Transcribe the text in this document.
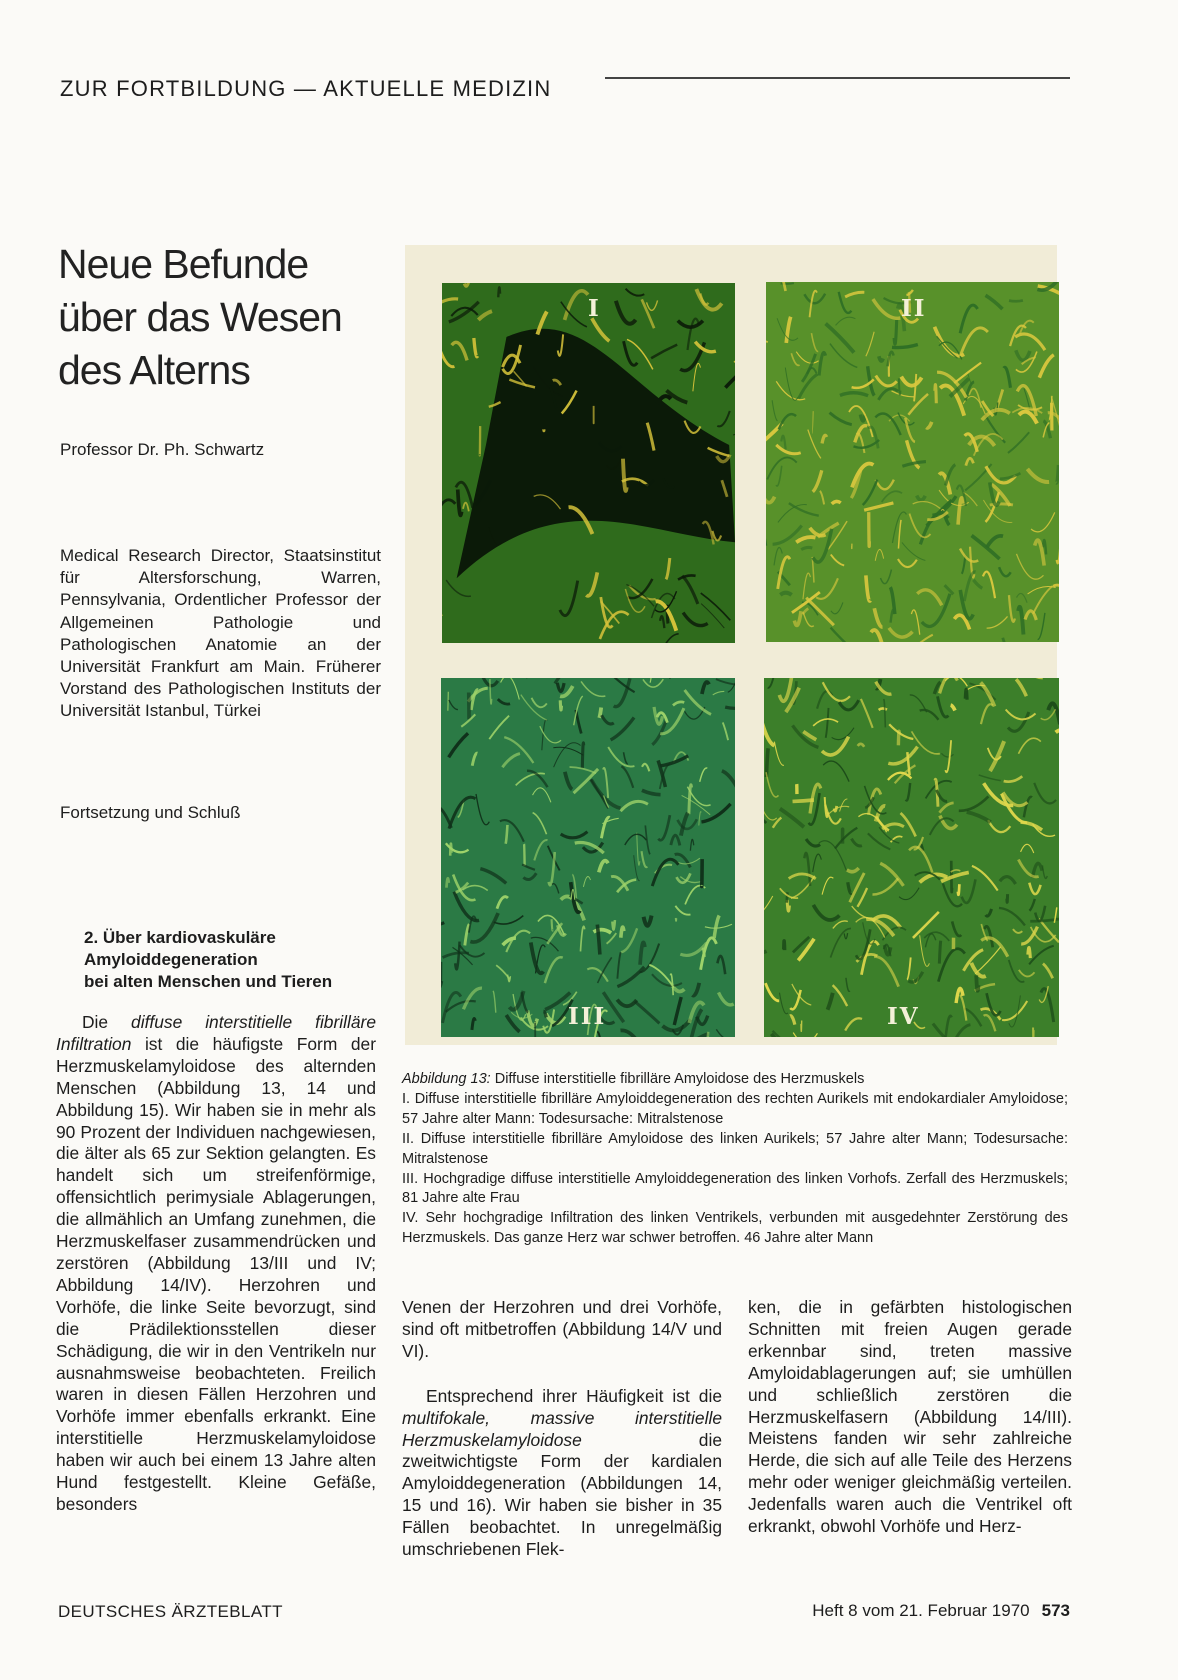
ZUR FORTBILDUNG — AKTUELLE MEDIZIN
Neue Befunde
über das Wesen
des Alterns
Professor Dr. Ph. Schwartz
Medical Research Director, Staatsinstitut für Altersforschung, Warren, Pennsylvania, Ordentlicher Professor der Allgemeinen Pathologie und Pathologischen Anatomie an der Universität Frankfurt am Main. Früherer Vorstand des Pathologischen Instituts der Universität Istanbul, Türkei
Fortsetzung und Schluß
2. Über kardiovaskuläre
Amyloiddegeneration
bei alten Menschen und Tieren

Die diffuse interstitielle fibrilläre Infiltration ist die häufigste Form der Herzmuskelamyloidose des alternden Menschen (Abbildung 13, 14 und Abbildung 15). Wir haben sie in mehr als 90 Prozent der Individuen nachgewiesen, die älter als 65 zur Sektion gelangten. Es handelt sich um streifenförmige, offensichtlich perimysiale Ablagerungen, die allmählich an Umfang zunehmen, die Herzmuskelfaser zusammendrücken und zerstören (Abbildung 13/III und IV; Abbildung 14/IV). Herzohren und Vorhöfe, die linke Seite bevorzugt, sind die Prädilektionsstellen dieser Schädigung, die wir in den Ventrikeln nur ausnahmsweise beobachteten. Freilich waren in diesen Fällen Herzohren und Vorhöfe immer ebenfalls erkrankt. Eine interstitielle Herzmuskelamyloidose haben wir auch bei einem 13 Jahre alten Hund festgestellt. Kleine Gefäße, besonders

I	II
III	IV
Abbildung 13: Diffuse interstitielle fibrilläre Amyloidose des Herzmuskels
I. Diffuse interstitielle fibrilläre Amyloiddegeneration des rechten Aurikels mit endokardialer Amyloidose; 57 Jahre alter Mann: Todesursache: Mitralstenose
II. Diffuse interstitielle fibrilläre Amyloidose des linken Aurikels; 57 Jahre alter Mann; Todesursache: Mitralstenose
III. Hochgradige diffuse interstitielle Amyloiddegeneration des linken Vorhofs. Zerfall des Herzmuskels; 81 Jahre alte Frau
IV. Sehr hochgradige Infiltration des linken Ventrikels, verbunden mit ausgedehnter Zerstörung des Herzmuskels. Das ganze Herz war schwer betroffen. 46 Jahre alter Mann

Venen der Herzohren und drei Vorhöfe, sind oft mitbetroffen (Abbildung 14/V und VI).

Entsprechend ihrer Häufigkeit ist die multifokale, massive interstitielle Herzmuskelamyloidose die zweitwichtigste Form der kardialen Amyloiddegeneration (Abbildungen 14, 15 und 16). Wir haben sie bisher in 35 Fällen beobachtet. In unregelmäßig umschriebenen Flek-

ken, die in gefärbten histologischen Schnitten mit freien Augen gerade erkennbar sind, treten massive Amyloidablagerungen auf; sie umhüllen und schließlich zerstören die Herzmuskelfasern (Abbildung 14/III). Meistens fanden wir sehr zahlreiche Herde, die sich auf alle Teile des Herzens mehr oder weniger gleichmäßig verteilen. Jedenfalls waren auch die Ventrikel oft erkrankt, obwohl Vorhöfe und Herz-

DEUTSCHES ÄRZTEBLATT	Heft 8 vom 21. Februar 1970 573
